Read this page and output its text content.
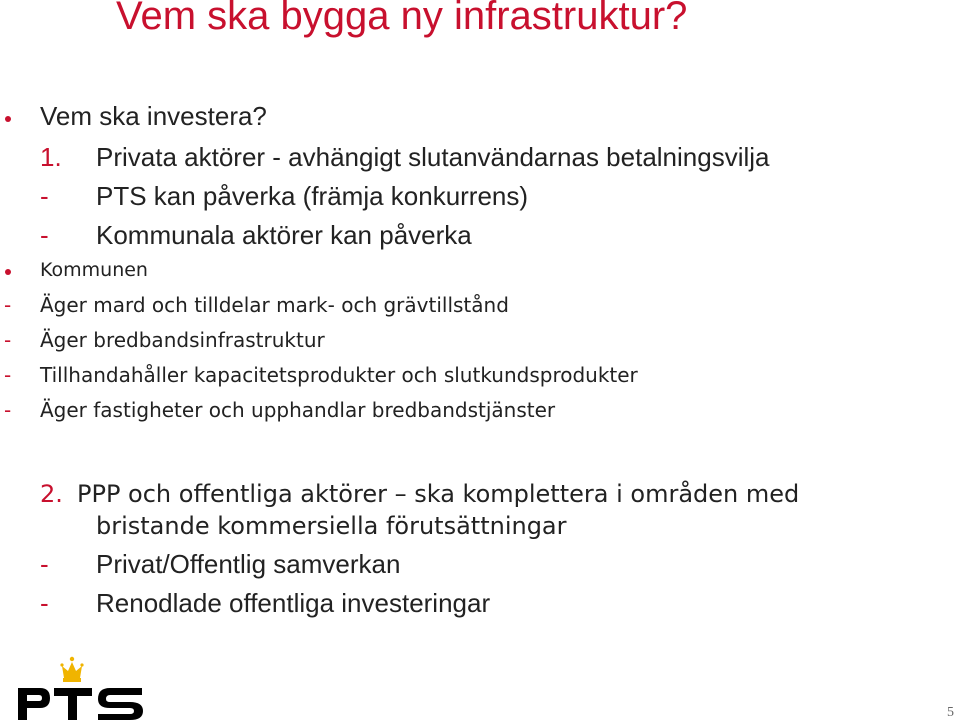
Vem ska bygga ny infrastruktur?
Vem ska investera?
1. Privata aktörer - avhängigt slutanvändarnas betalningsvilja
- PTS kan påverka (främja konkurrens)
- Kommunala aktörer kan påverka
Kommunen
- Äger mard och tilldelar mark- och grävtillstånd
- Äger bredbandsinfrastruktur
- Tillhandahåller kapacitetsprodukter och slutkundsprodukter
- Äger fastigheter och upphandlar bredbandstjänster
2. PPP och offentliga aktörer – ska komplettera i områden med
bristande kommersiella förutsättningar
- Privat/Offentlig samverkan
- Renodlade offentliga investeringar
5
